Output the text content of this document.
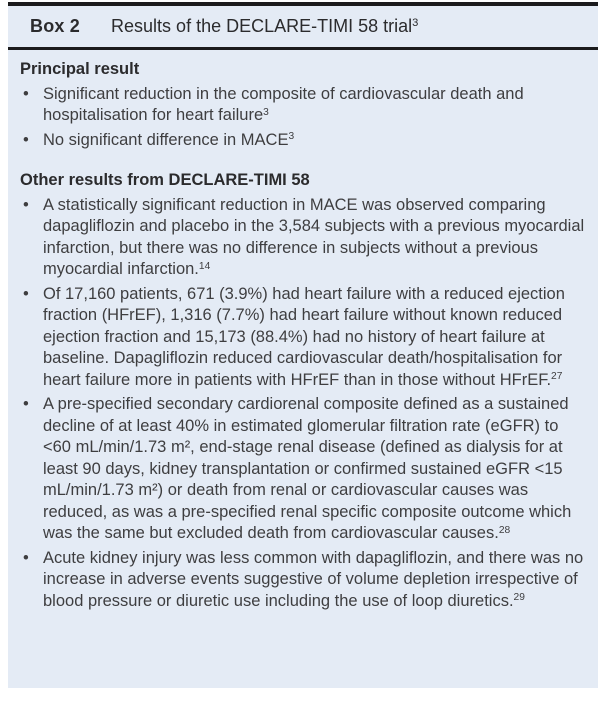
Box 2 Results of the DECLARE-TIMI 58 trial$^3$
Principal result
• Significant reduction in the composite of cardiovascular death and hospitalisation for heart failure$^3$

• No significant difference in MACE$^3$

Other results from DECLARE-TIMI 58
• A statistically significant reduction in MACE was observed comparing dapagliflozin and placebo in the 3,584 subjects with a previous myocardial infarction, but there was no difference in subjects without a previous myocardial infarction.$^{14}$

• Of 17,160 patients, 671 (3.9%) had heart failure with a reduced ejection fraction (HFrEF), 1,316 (7.7%) had heart failure without known reduced ejection fraction and 15,173 (88.4%) had no history of heart failure at baseline. Dapagliflozin reduced cardiovascular death/hospitalisation for heart failure more in patients with HFrEF than in those without HFrEF.$^{27}$

• A pre-specified secondary cardiorenal composite defined as a sustained decline of at least 40% in estimated glomerular filtration rate (eGFR) to <60 mL/min/1.73 m², end-stage renal disease (defined as dialysis for at least 90 days, kidney transplantation or confirmed sustained eGFR <15 mL/min/1.73 m²) or death from renal or cardiovascular causes was reduced, as was a pre-specified renal specific composite outcome which was the same but excluded death from cardiovascular causes.$^{28}$

• Acute kidney injury was less common with dapagliflozin, and there was no increase in adverse events suggestive of volume depletion irrespective of blood pressure or diuretic use including the use of loop diuretics.$^{29}$
